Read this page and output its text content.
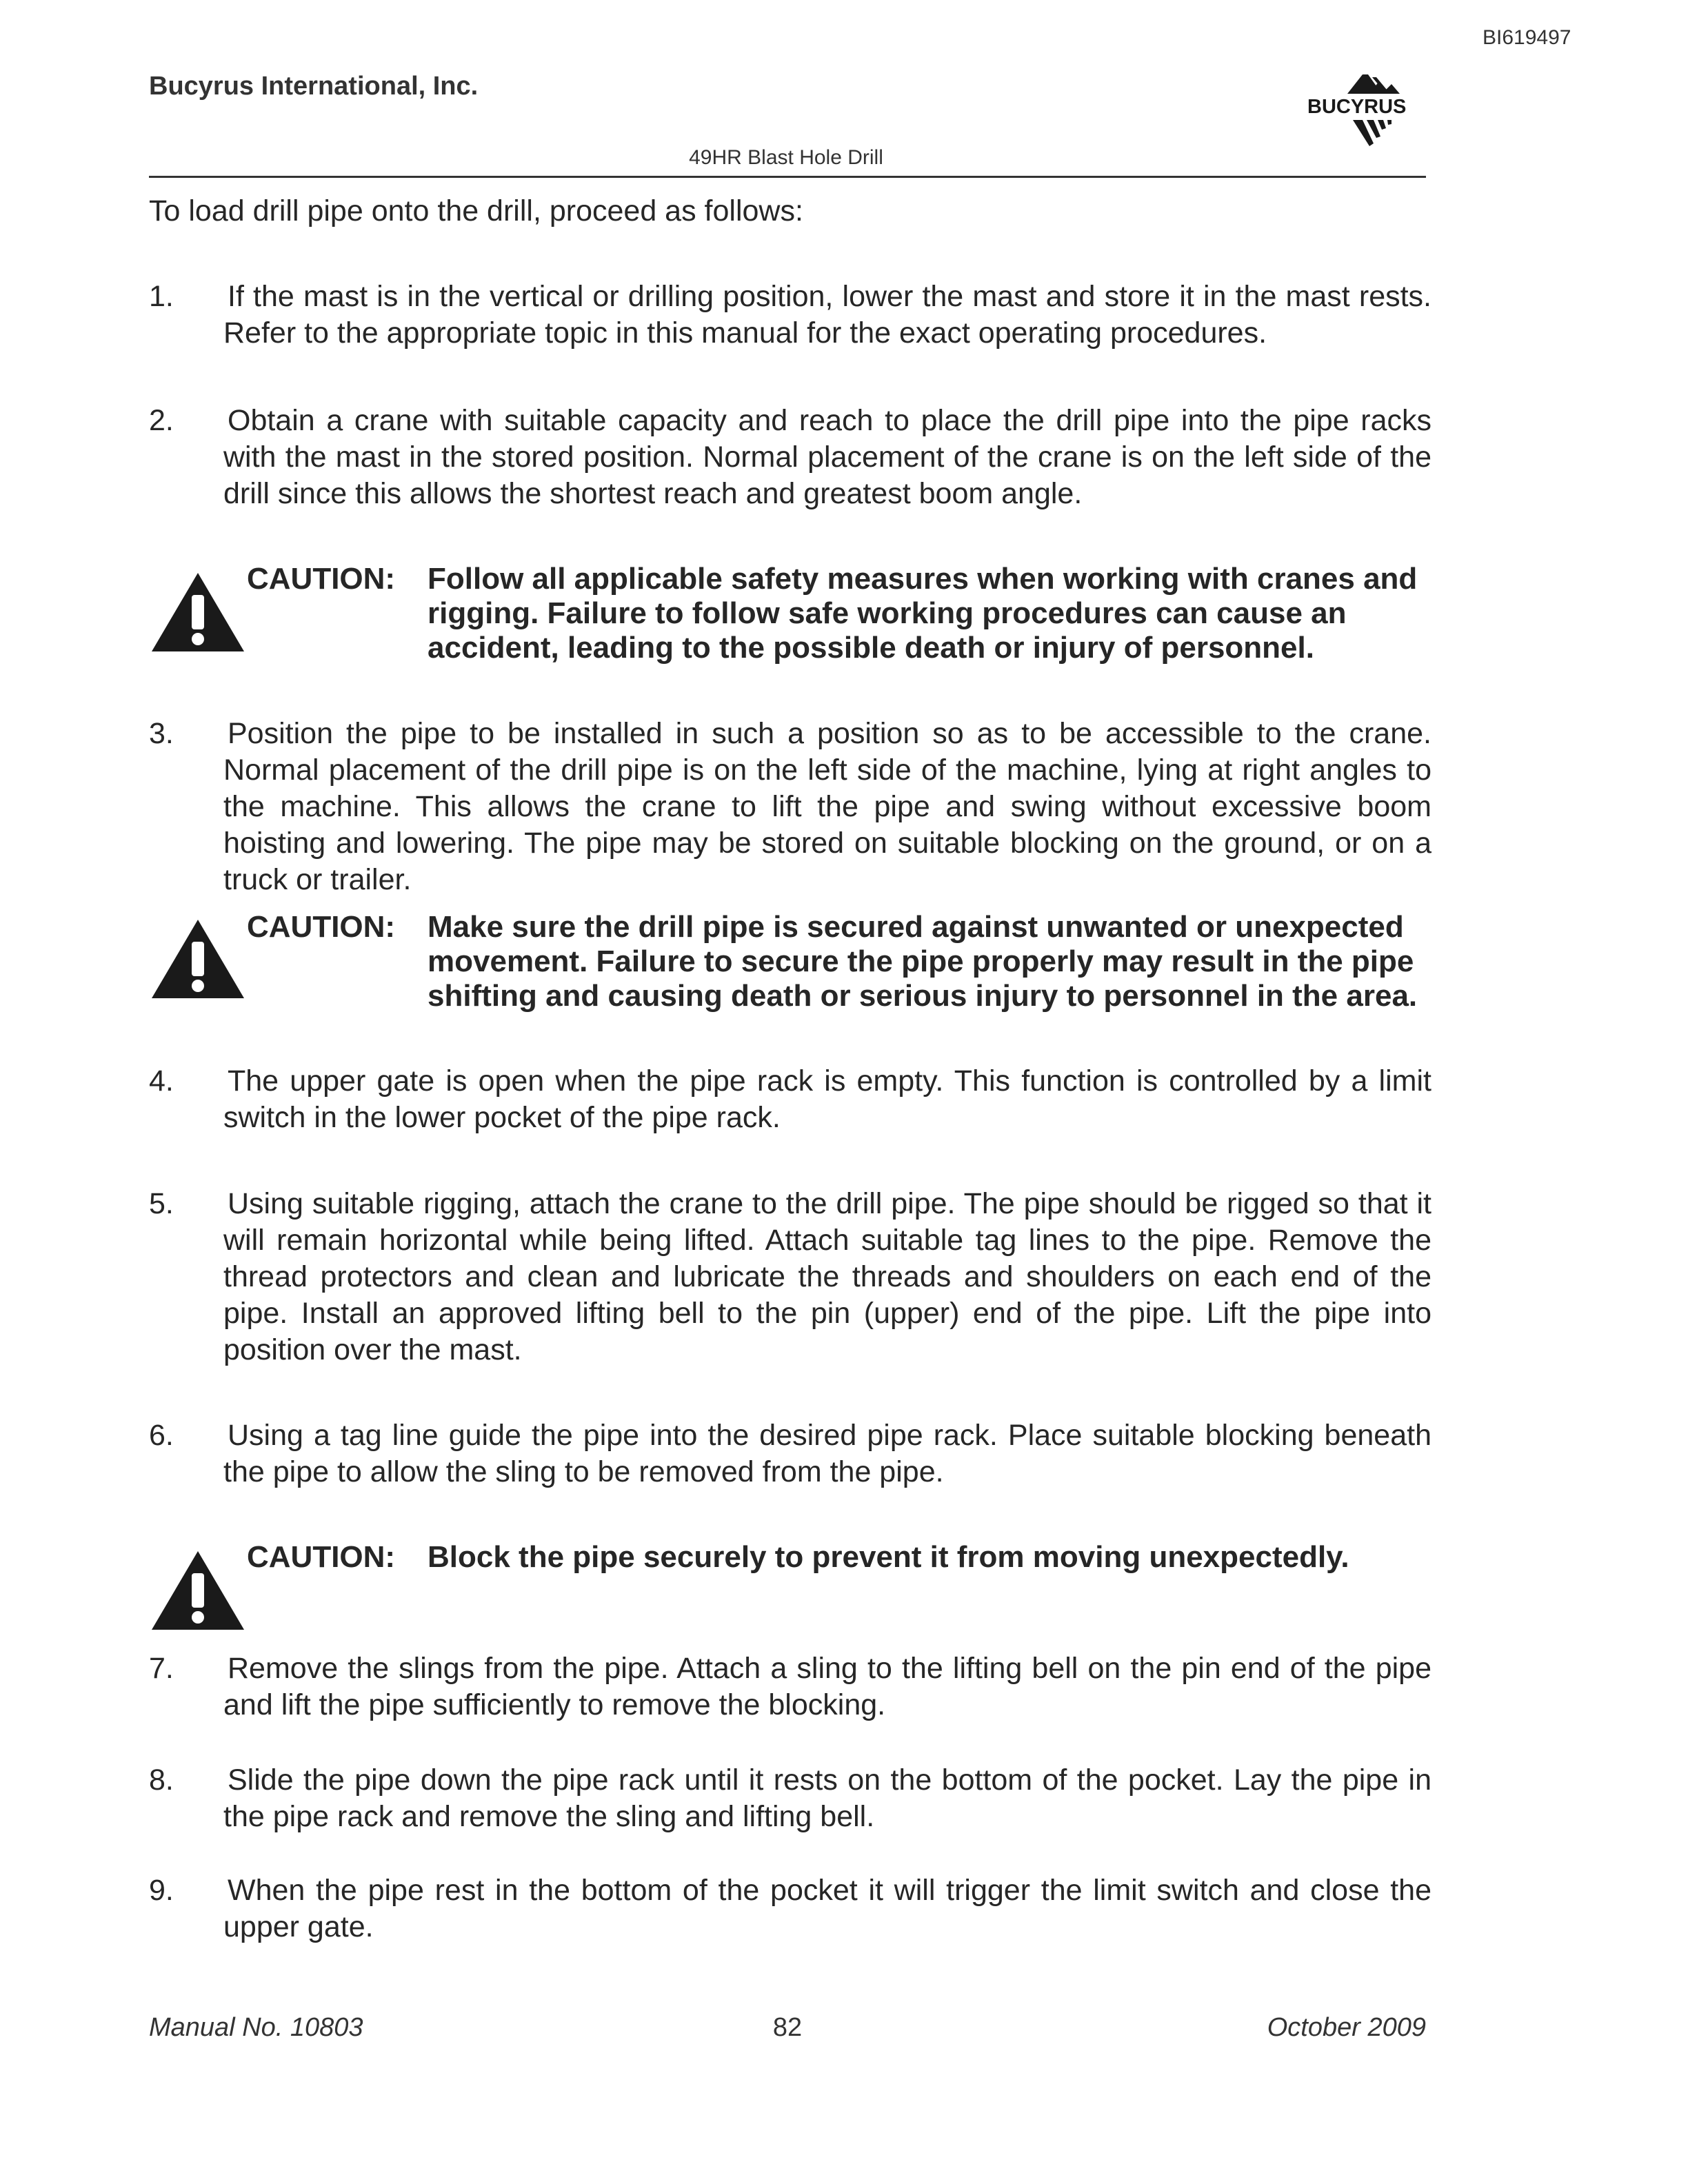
BI619497
Bucyrus International, Inc.
BUCYRUS
49HR Blast Hole Drill
To load drill pipe onto the drill, proceed as follows:
1. If the mast is in the vertical or drilling position, lower the mast and store it in the mast rests. Refer to the appropriate topic in this manual for the exact operating procedures.
2. Obtain a crane with suitable capacity and reach to place the drill pipe into the pipe racks with the mast in the stored position. Normal placement of the crane is on the left side of the drill since this allows the shortest reach and greatest boom angle.
CAUTION: Follow all applicable safety measures when working with cranes and rigging. Failure to follow safe working procedures can cause an accident, leading to the possible death or injury of personnel.
3. Position the pipe to be installed in such a position so as to be accessible to the crane. Normal placement of the drill pipe is on the left side of the machine, lying at right angles to the machine. This allows the crane to lift the pipe and swing without excessive boom hoisting and lowering. The pipe may be stored on suitable blocking on the ground, or on a truck or trailer.
CAUTION: Make sure the drill pipe is secured against unwanted or unexpected movement. Failure to secure the pipe properly may result in the pipe shifting and causing death or serious injury to personnel in the area.
4. The upper gate is open when the pipe rack is empty. This function is controlled by a limit switch in the lower pocket of the pipe rack.
5. Using suitable rigging, attach the crane to the drill pipe. The pipe should be rigged so that it will remain horizontal while being lifted. Attach suitable tag lines to the pipe. Remove the thread protectors and clean and lubricate the threads and shoulders on each end of the pipe. Install an approved lifting bell to the pin (upper) end of the pipe. Lift the pipe into position over the mast.
6. Using a tag line guide the pipe into the desired pipe rack. Place suitable blocking beneath the pipe to allow the sling to be removed from the pipe.
CAUTION: Block the pipe securely to prevent it from moving unexpectedly.
7. Remove the slings from the pipe. Attach a sling to the lifting bell on the pin end of the pipe and lift the pipe sufficiently to remove the blocking.
8. Slide the pipe down the pipe rack until it rests on the bottom of the pocket. Lay the pipe in the pipe rack and remove the sling and lifting bell.
9. When the pipe rest in the bottom of the pocket it will trigger the limit switch and close the upper gate.
Manual No. 10803	82	October 2009
